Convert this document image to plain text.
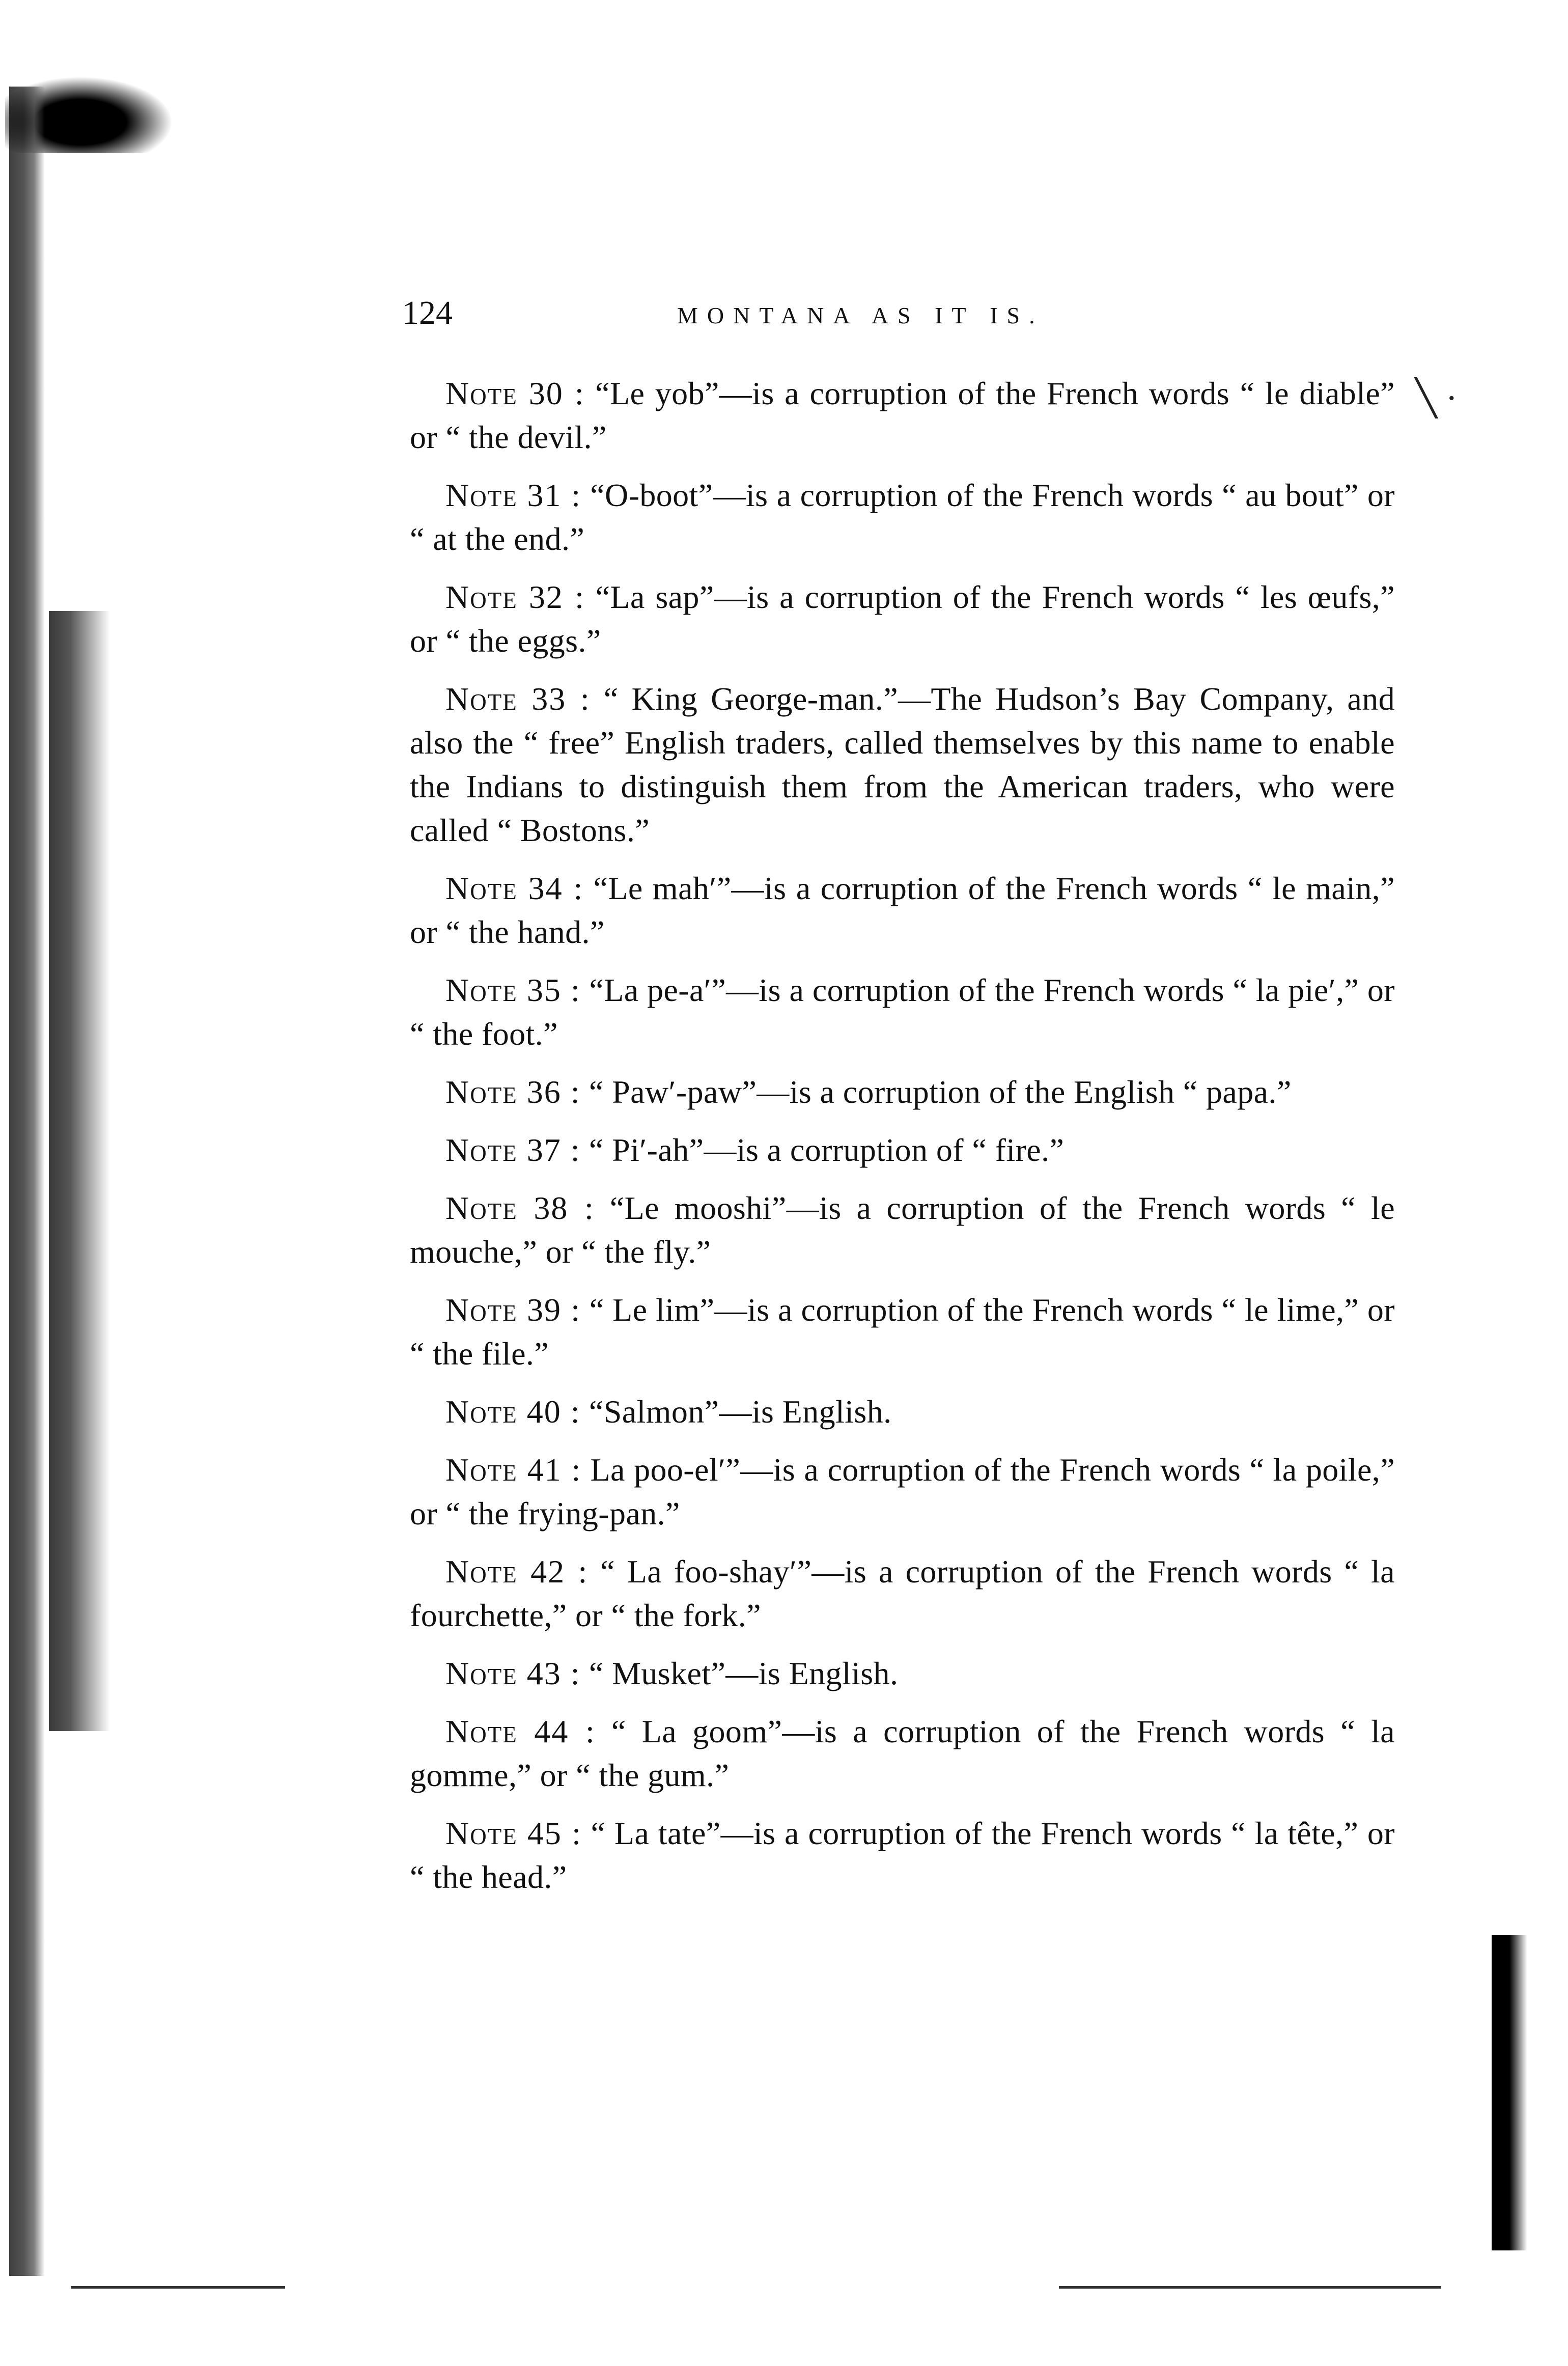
╲ ·
124	MONTANA AS IT IS.

Note 30 : “Le yob”—is a corruption of the French words “ le diable” or “ the devil.”

Note 31 : “O-boot”—is a corruption of the French words “ au bout” or “ at the end.”

Note 32 : “La sap”—is a corruption of the French words “ les œufs,” or “ the eggs.”

Note 33 : “ King George-man.”—The Hudson’s Bay Company, and also the “ free” English traders, called themselves by this name to enable the Indians to distinguish them from the American traders, who were called “ Bostons.”

Note 34 : “Le mah′”—is a corruption of the French words “ le main,” or “ the hand.”

Note 35 : “La pe-a′”—is a corruption of the French words “ la pie′,” or “ the foot.”

Note 36 : “ Paw′-paw”—is a corruption of the English “ papa.”

Note 37 : “ Pi′-ah”—is a corruption of “ fire.”

Note 38 : “Le mooshi”—is a corruption of the French words “ le mouche,” or “ the fly.”

Note 39 : “ Le lim”—is a corruption of the French words “ le lime,” or “ the file.”

Note 40 : “Salmon”—is English.

Note 41 : La poo-el′”—is a corruption of the French words “ la poile,” or “ the frying-pan.”

Note 42 : “ La foo-shay′”—is a corruption of the French words “ la fourchette,” or “ the fork.”

Note 43 : “ Musket”—is English.

Note 44 : “ La goom”—is a corruption of the French words “ la gomme,” or “ the gum.”

Note 45 : “ La tate”—is a corruption of the French words “ la tête,” or “ the head.”
